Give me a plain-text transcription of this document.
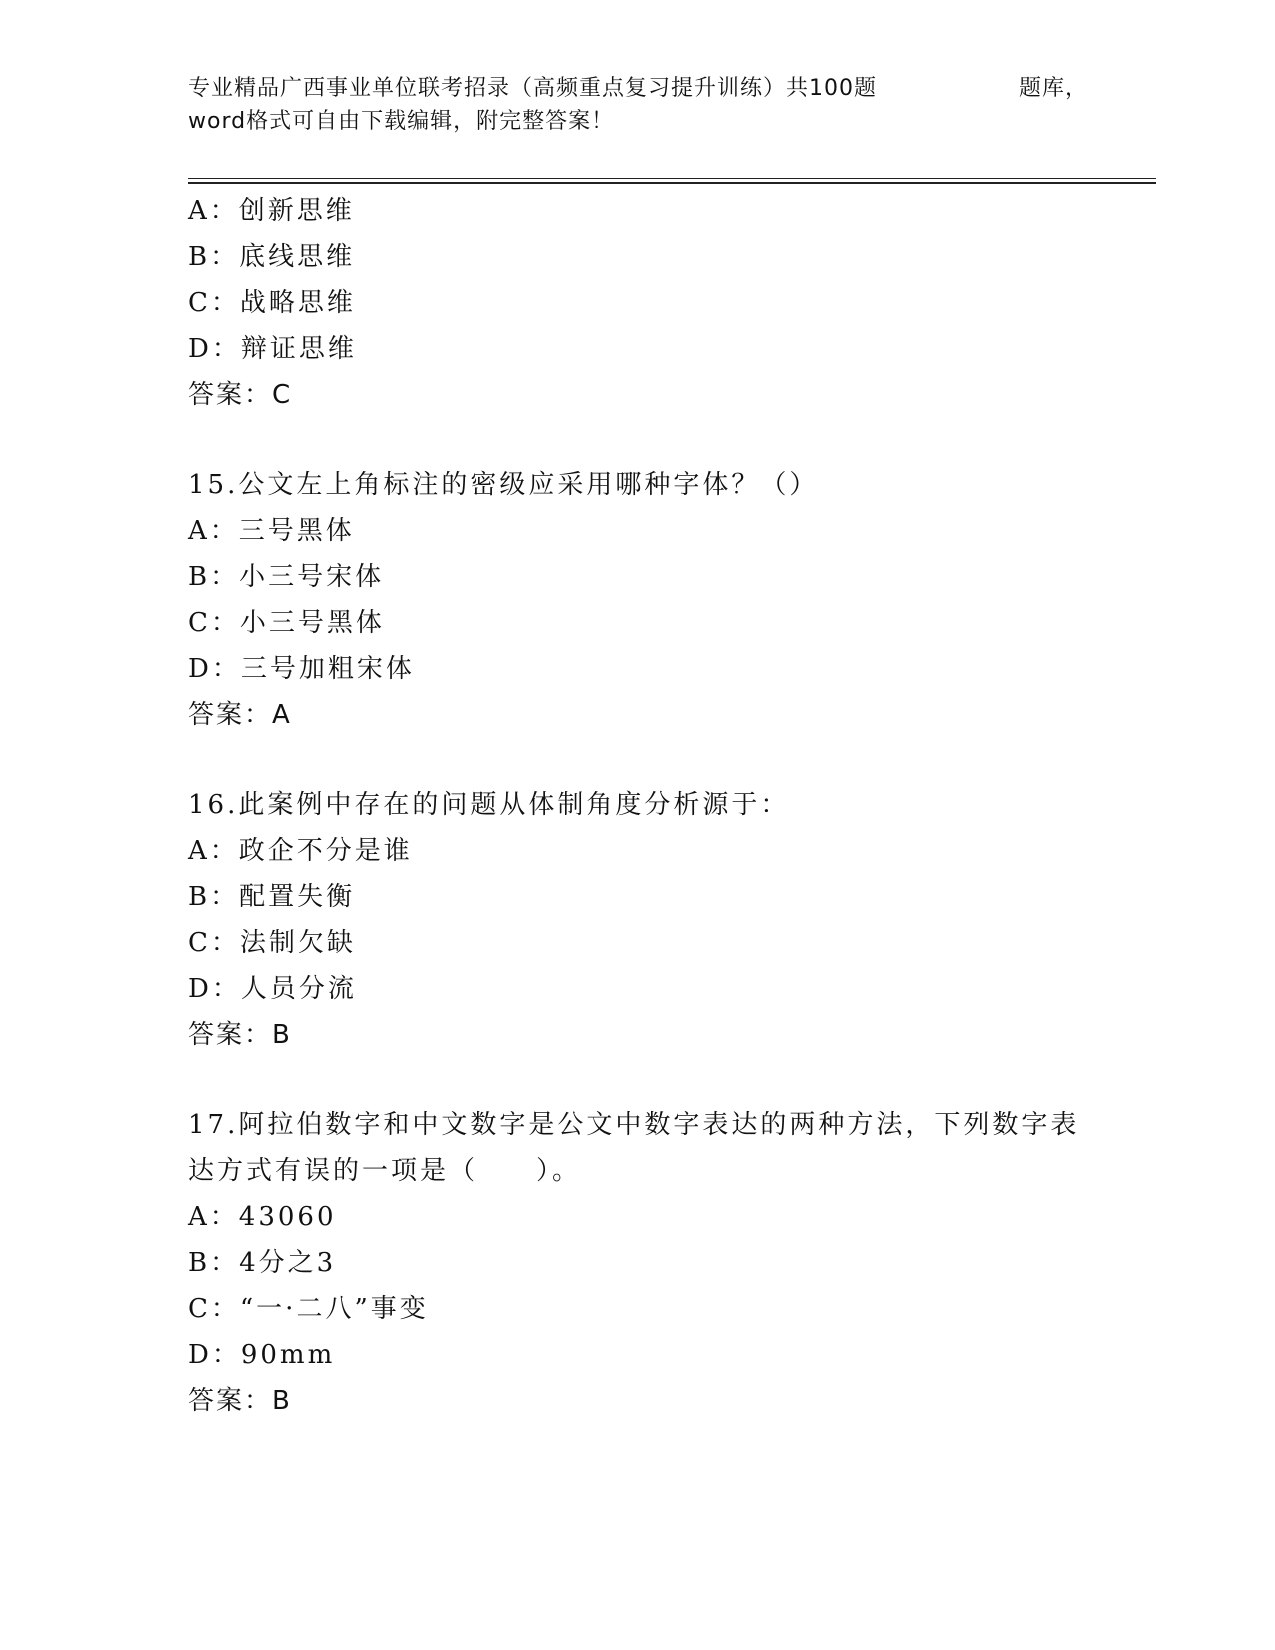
专业精品广西事业单位联考招录（高频重点复习提升训练）共100题	题库，
word格式可自由下载编辑，附完整答案！
A：创新思维
B：底线思维
C：战略思维
D：辩证思维
答案：C
15.公文左上角标注的密级应采用哪种字体？（）
A：三号黑体
B：小三号宋体
C：小三号黑体
D：三号加粗宋体
答案：A
16.此案例中存在的问题从体制角度分析源于：
A：政企不分是谁
B：配置失衡
C：法制欠缺
D：人员分流
答案：B
17.阿拉伯数字和中文数字是公文中数字表达的两种方法，下列数字表
达方式有误的一项是（　　）。
A：43060
B：4分之3
C：“一·二八”事变
D：90mm
答案：B
